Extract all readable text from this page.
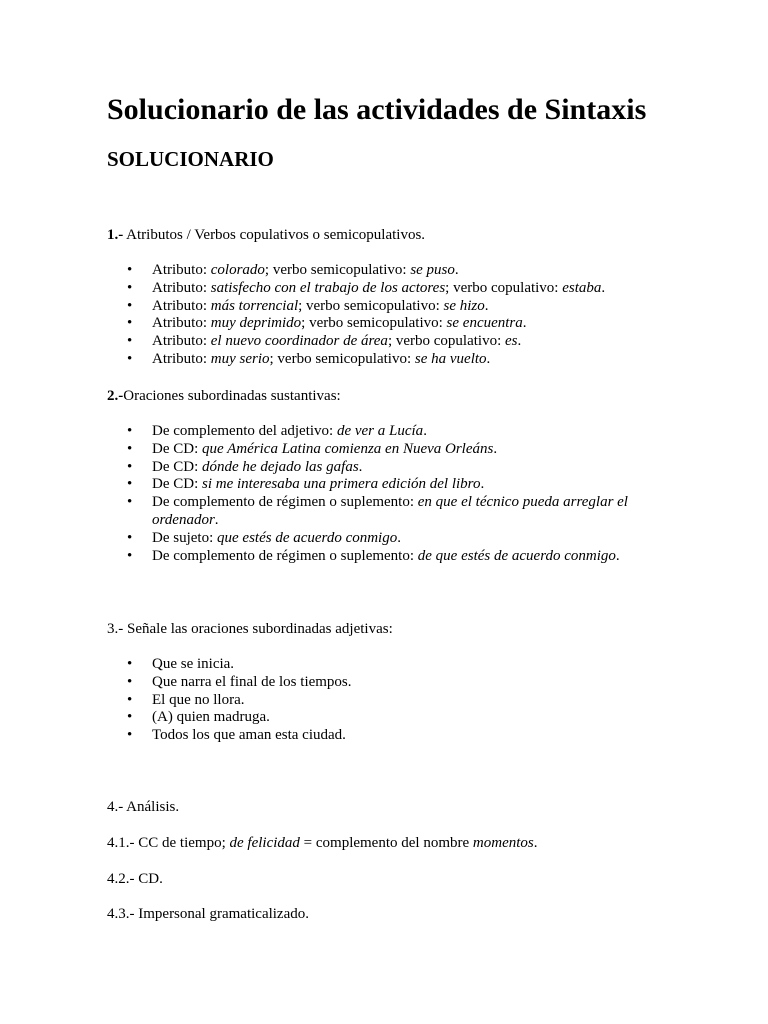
Solucionario de las actividades de Sintaxis
SOLUCIONARIO

1.- Atributos / Verbos copulativos o semicopulativos.

•	Atributo: colorado; verbo semicopulativo: se puso.
•	Atributo: satisfecho con el trabajo de los actores; verbo copulativo: estaba.
•	Atributo: más torrencial; verbo semicopulativo: se hizo.
•	Atributo: muy deprimido; verbo semicopulativo: se encuentra.
•	Atributo: el nuevo coordinador de área; verbo copulativo: es.
•	Atributo: muy serio; verbo semicopulativo: se ha vuelto.

2.-Oraciones subordinadas sustantivas:

•	De complemento del adjetivo: de ver a Lucía.
•	De CD: que América Latina comienza en Nueva Orleáns.
•	De CD: dónde he dejado las gafas.
•	De CD: si me interesaba una primera edición del libro.
•	De complemento de régimen o suplemento: en que el técnico pueda arreglar el
ordenador.
•	De sujeto: que estés de acuerdo conmigo.
•	De complemento de régimen o suplemento: de que estés de acuerdo conmigo.

3.- Señale las oraciones subordinadas adjetivas:

•	Que se inicia.
•	Que narra el final de los tiempos.
•	El que no llora.
•	(A) quien madruga.
•	Todos los que aman esta ciudad.

4.- Análisis.

4.1.- CC de tiempo; de felicidad = complemento del nombre momentos.

4.2.- CD.

4.3.- Impersonal gramaticalizado.
